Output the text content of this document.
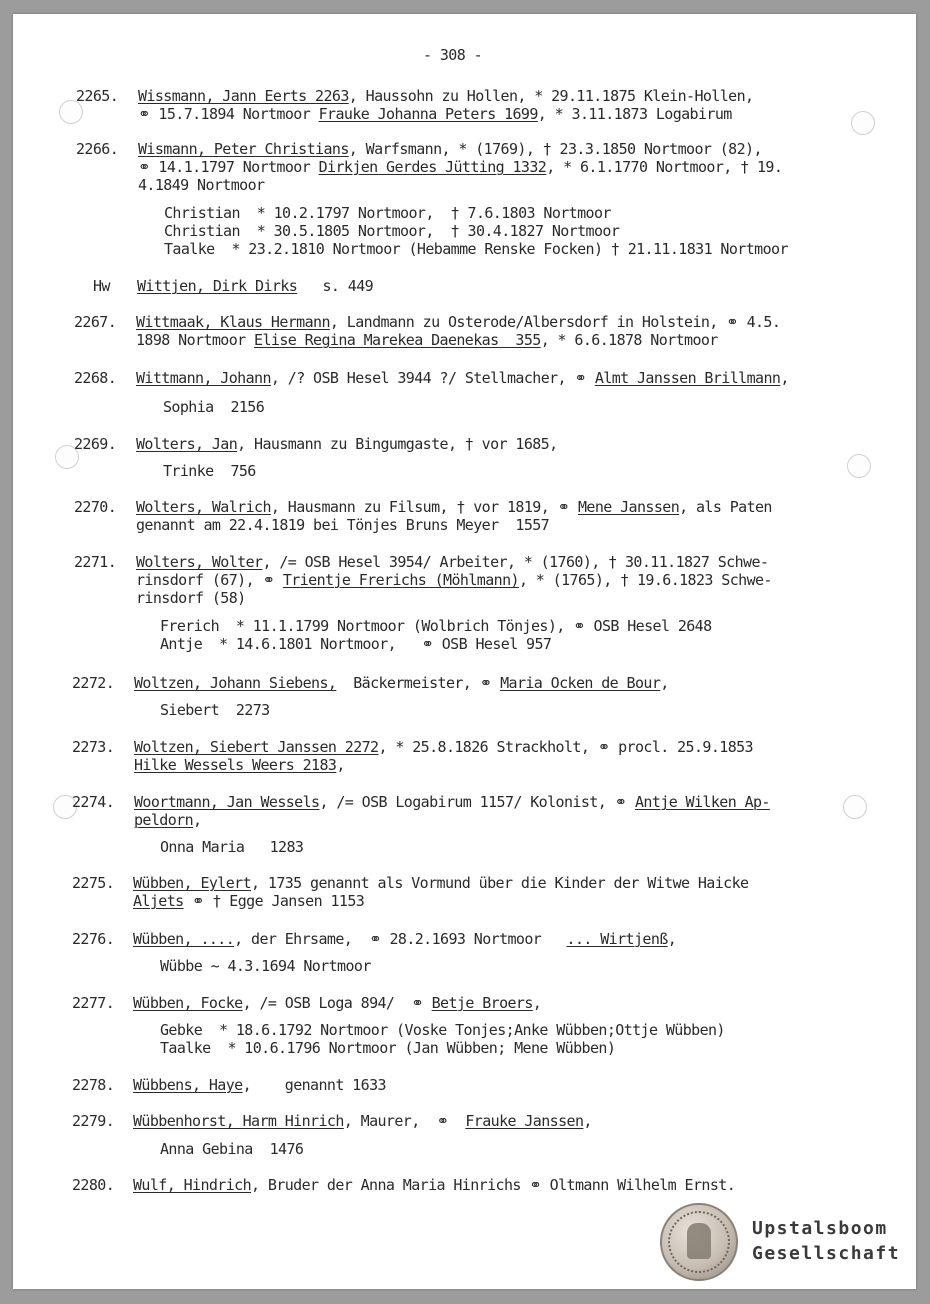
- 308 -
2265. Wissmann, Jann Eerts 2263, Haussohn zu Hollen, * 29.11.1875 Klein-Hollen,
⚭ 15.7.1894 Nortmoor Frauke Johanna Peters 1699, * 3.11.1873 Logabirum
2266. Wismann, Peter Christians, Warfsmann, * (1769), † 23.3.1850 Nortmoor (82),
⚭ 14.1.1797 Nortmoor Dirkjen Gerdes Jütting 1332, * 6.1.1770 Nortmoor, † 19.
4.1849 Nortmoor
Christian  * 10.2.1797 Nortmoor,  † 7.6.1803 Nortmoor
Christian  * 30.5.1805 Nortmoor,  † 30.4.1827 Nortmoor
Taalke  * 23.2.1810 Nortmoor (Hebamme Renske Focken) † 21.11.1831 Nortmoor
Hw Wittjen, Dirk Dirks   s. 449
2267. Wittmaak, Klaus Hermann, Landmann zu Osterode/Albersdorf in Holstein, ⚭ 4.5.
1898 Nortmoor Elise Regina Marekea Daenekas  355, * 6.6.1878 Nortmoor
2268. Wittmann, Johann, /? OSB Hesel 3944 ?/ Stellmacher, ⚭ Almt Janssen Brillmann,
Sophia  2156
2269. Wolters, Jan, Hausmann zu Bingumgaste, † vor 1685,
Trinke  756
2270. Wolters, Walrich, Hausmann zu Filsum, † vor 1819, ⚭ Mene Janssen, als Paten
genannt am 22.4.1819 bei Tönjes Bruns Meyer  1557
2271. Wolters, Wolter, /= OSB Hesel 3954/ Arbeiter, * (1760), † 30.11.1827 Schwe-
rinsdorf (67), ⚭ Trientje Frerichs (Möhlmann), * (1765), † 19.6.1823 Schwe-
rinsdorf (58)
Frerich  * 11.1.1799 Nortmoor (Wolbrich Tönjes), ⚭ OSB Hesel 2648
Antje  * 14.6.1801 Nortmoor,   ⚭ OSB Hesel 957
2272. Woltzen, Johann Siebens,  Bäckermeister, ⚭ Maria Ocken de Bour,
Siebert  2273
2273. Woltzen, Siebert Janssen 2272, * 25.8.1826 Strackholt, ⚭ procl. 25.9.1853
Hilke Wessels Weers 2183,
2274. Woortmann, Jan Wessels, /= OSB Logabirum 1157/ Kolonist, ⚭ Antje Wilken Ap-
peldorn,
Onna Maria   1283
2275. Wübben, Eylert, 1735 genannt als Vormund über die Kinder der Witwe Haicke
Aljets ⚭ † Egge Jansen 1153
2276. Wübben, ...., der Ehrsame,  ⚭ 28.2.1693 Nortmoor   ... Wirtjenß,
Wübbe ~ 4.3.1694 Nortmoor
2277. Wübben, Focke, /= OSB Loga 894/  ⚭ Betje Broers,
Gebke  * 18.6.1792 Nortmoor (Voske Tonjes;Anke Wübben;Ottje Wübben)
Taalke  * 10.6.1796 Nortmoor (Jan Wübben; Mene Wübben)
2278. Wübbens, Haye,    genannt 1633
2279. Wübbenhorst, Harm Hinrich, Maurer,  ⚭  Frauke Janssen,
Anna Gebina  1476
2280. Wulf, Hindrich, Bruder der Anna Maria Hinrichs ⚭ Oltmann Wilhelm Ernst.
Upstalsboom
Gesellschaft
